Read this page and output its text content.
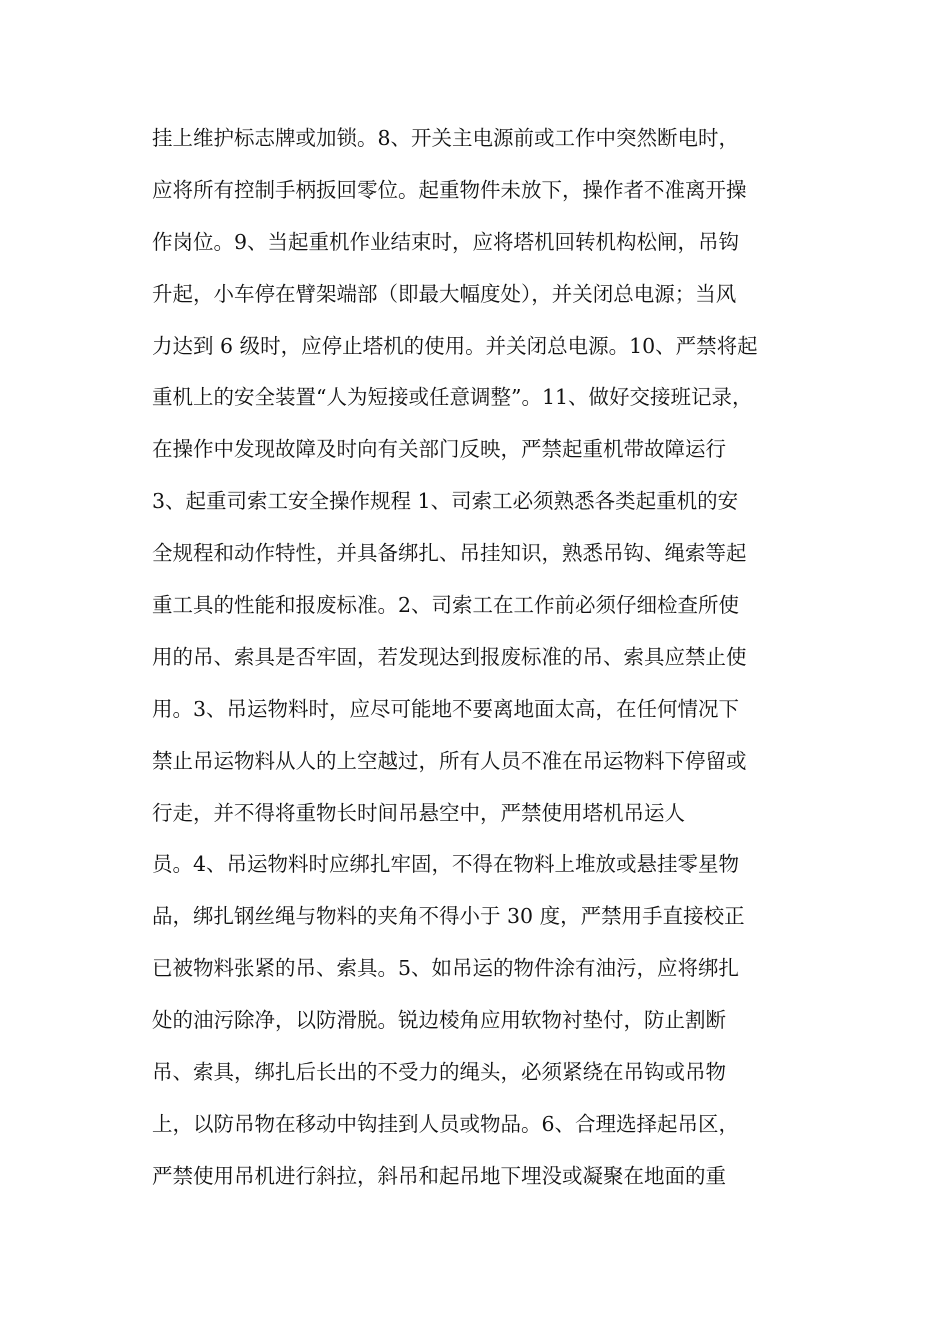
挂上维护标志牌或加锁。8、开关主电源前或工作中突然断电时，
应将所有控制手柄扳回零位。起重物件未放下，操作者不准离开操
作岗位。9、当起重机作业结束时，应将塔机回转机构松闸，吊钩
升起，小车停在臂架端部（即最大幅度处），并关闭总电源；当风
力达到 6 级时，应停止塔机的使用。并关闭总电源。10、严禁将起
重机上的安全装置“人为短接或任意调整”。11、做好交接班记录，
在操作中发现故障及时向有关部门反映，严禁起重机带故障运行
3、起重司索工安全操作规程 1、司索工必须熟悉各类起重机的安
全规程和动作特性，并具备绑扎、吊挂知识，熟悉吊钩、绳索等起
重工具的性能和报废标准。2、司索工在工作前必须仔细检查所使
用的吊、索具是否牢固，若发现达到报废标准的吊、索具应禁止使
用。3、吊运物料时，应尽可能地不要离地面太高，在任何情况下
禁止吊运物料从人的上空越过，所有人员不准在吊运物料下停留或
行走，并不得将重物长时间吊悬空中，严禁使用塔机吊运人
员。4、吊运物料时应绑扎牢固，不得在物料上堆放或悬挂零星物
品，绑扎钢丝绳与物料的夹角不得小于 30 度，严禁用手直接校正
已被物料张紧的吊、索具。5、如吊运的物件涂有油污，应将绑扎
处的油污除净，以防滑脱。锐边棱角应用软物衬垫付，防止割断
吊、索具，绑扎后长出的不受力的绳头，必须紧绕在吊钩或吊物
上，以防吊物在移动中钩挂到人员或物品。6、合理选择起吊区，
严禁使用吊机进行斜拉，斜吊和起吊地下埋没或凝聚在地面的重
